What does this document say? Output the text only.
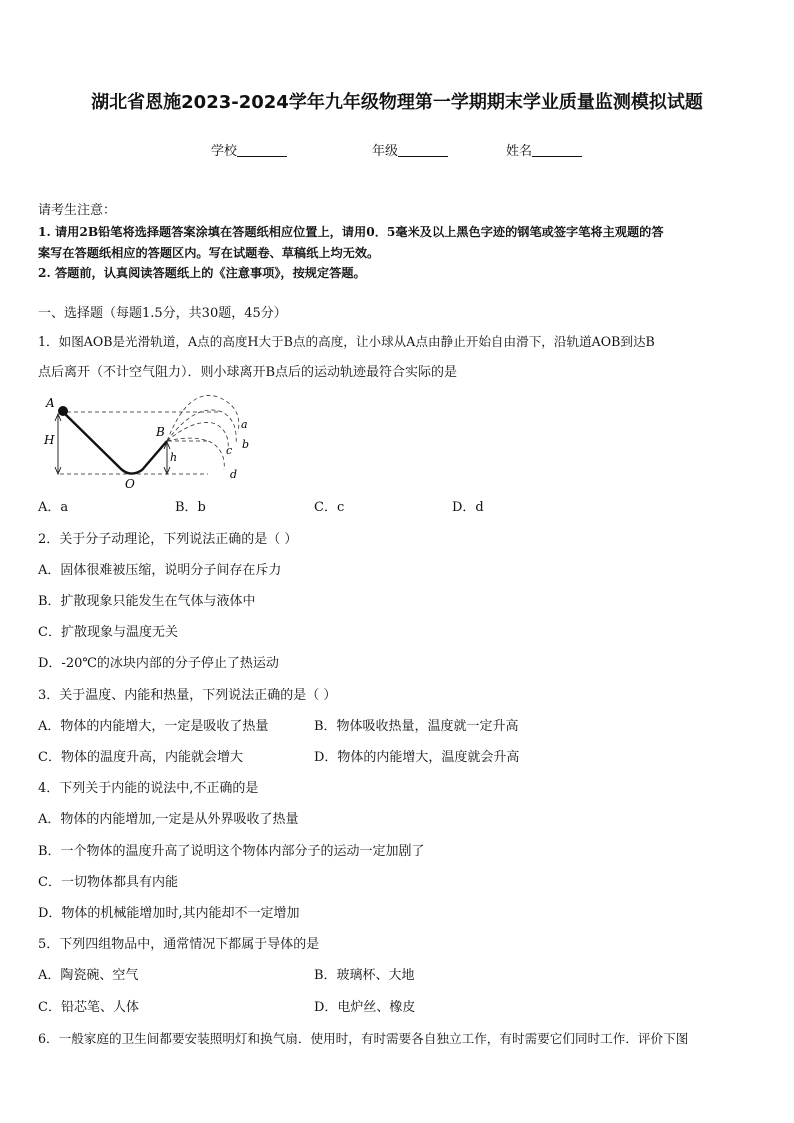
湖北省恩施2023-2024学年九年级物理第一学期期末学业质量监测模拟试题
学校	年级	姓名
请考生注意：
1. 请用2B铅笔将选择题答案涂填在答题纸相应位置上，请用0．5毫米及以上黑色字迹的钢笔或签字笔将主观题的答
案写在答题纸相应的答题区内。写在试题卷、草稿纸上均无效。
2. 答题前，认真阅读答题纸上的《注意事项》，按规定答题。
一、选择题（每题1.5分，共30题，45分）
1．如图AOB是光滑轨道，A点的高度H大于B点的高度，让小球从A点由静止开始自由滑下，沿轨道AOB到达B
点后离开（不计空气阻力）．则小球离开B点后的运动轨迹最符合实际的是
A
H
B
h
O
a
b
c
d
A．a	B．b	C．c	D．d
2．关于分子动理论，下列说法正确的是（ ）
A．固体很难被压缩，说明分子间存在斥力
B．扩散现象只能发生在气体与液体中
C．扩散现象与温度无关
D．-20℃的冰块内部的分子停止了热运动
3．关于温度、内能和热量，下列说法正确的是（ ）
A．物体的内能增大，一定是吸收了热量	B．物体吸收热量，温度就一定升高
C．物体的温度升高，内能就会增大	D．物体的内能增大，温度就会升高
4．下列关于内能的说法中,不正确的是
A．物体的内能增加,一定是从外界吸收了热量
B．一个物体的温度升高了说明这个物体内部分子的运动一定加剧了
C．一切物体都具有内能
D．物体的机械能增加时,其内能却不一定增加
5．下列四组物品中，通常情况下都属于导体的是
A．陶瓷碗、空气	B．玻璃杯、大地
C．铅芯笔、人体	D．电炉丝、橡皮
6．一般家庭的卫生间都要安装照明灯和换气扇．使用时，有时需要各自独立工作，有时需要它们同时工作．评价下图
